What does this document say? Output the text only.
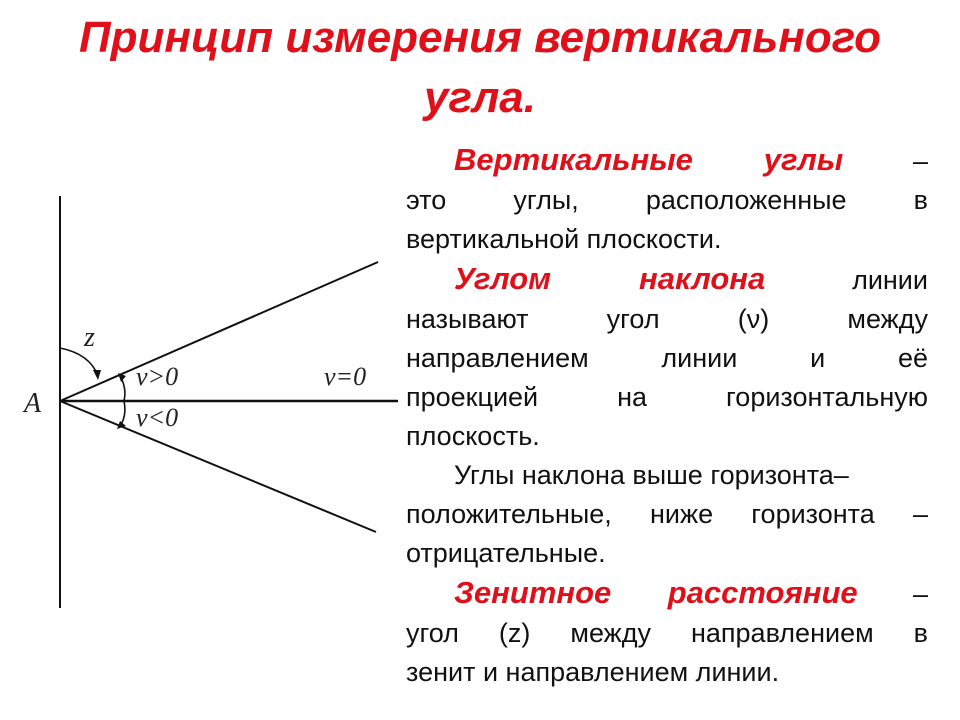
Принцип измерения вертикального угла.
A
z
ν>0
ν<0
ν=0

Вертикальные углы	–

это углы, расположенные в

вертикальной плоскости.

Углом наклона	линии

называют угол (ν) между

направлением линии и её

проекцией на горизонтальную

плоскость.

Углы наклона выше горизонта–

положительные, ниже горизонта –

отрицательные.

Зенитное расстояние –

угол (z) между направлением в

зенит и направлением линии.
